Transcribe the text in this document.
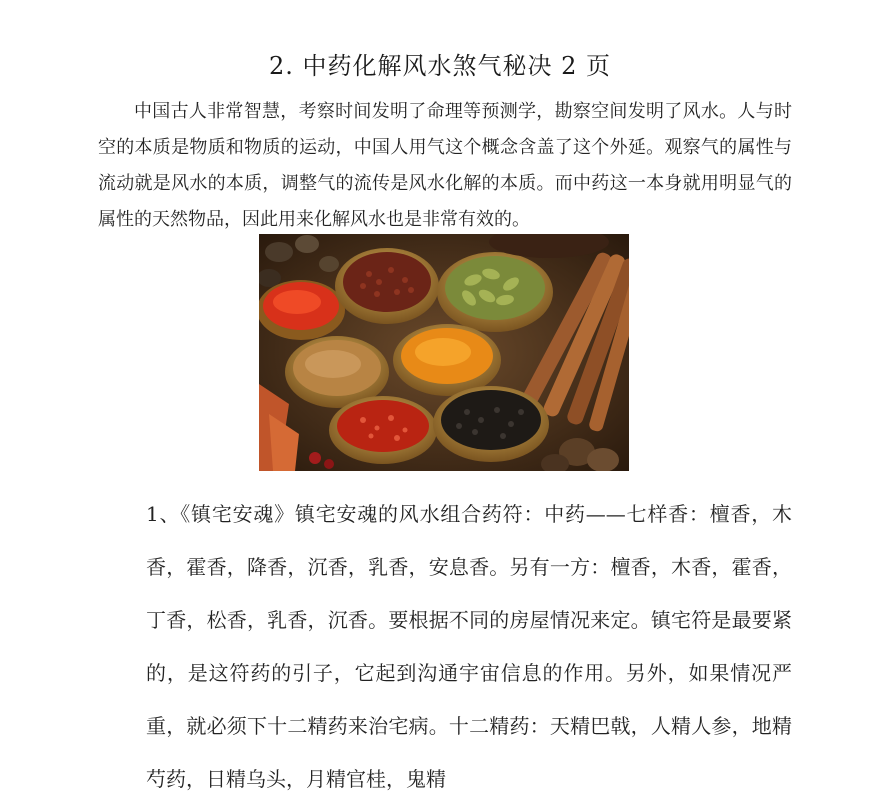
2. 中药化解风水煞气秘决 2 页

中国古人非常智慧，考察时间发明了命理等预测学，勘察空间发明了风水。人与时空的本质是物质和物质的运动，中国人用气这个概念含盖了这个外延。观察气的属性与流动就是风水的本质，调整气的流传是风水化解的本质。而中药这一本身就用明显气的属性的天然物品，因此用来化解风水也是非常有效的。

1、《镇宅安魂》镇宅安魂的风水组合药符：中药——七样香：檀香，木香，霍香，降香，沉香，乳香，安息香。另有一方：檀香，木香，霍香，丁香，松香，乳香，沉香。要根据不同的房屋情况来定。镇宅符是最要紧的，是这符药的引子，它起到沟通宇宙信息的作用。另外，如果情况严重，就必须下十二精药来治宅病。十二精药：天精巴戟，人精人参，地精芍药，日精乌头，月精官桂，鬼精
